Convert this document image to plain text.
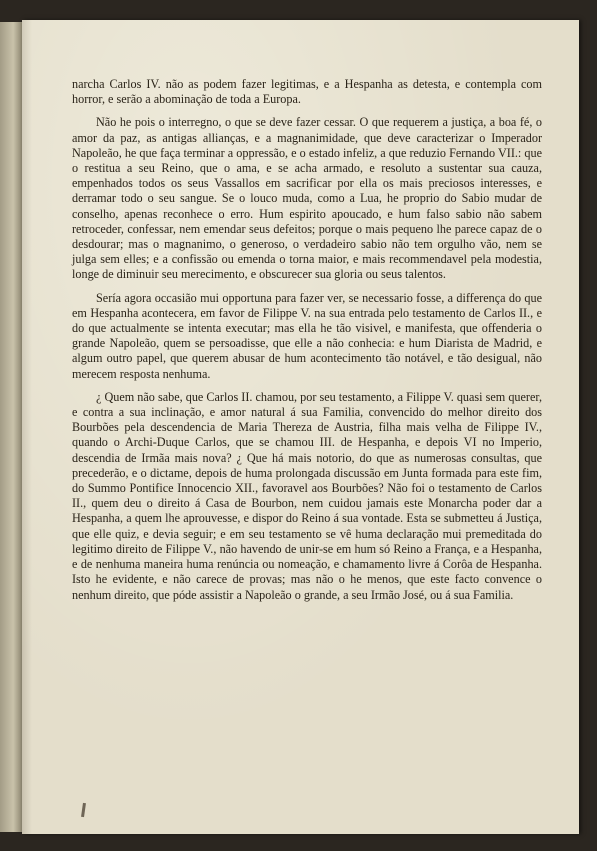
narcha Carlos IV. não as podem fazer legitimas, e a Hespanha as detesta, e contempla com horror, e serão a abominação de toda a Europa.

Não he pois o interregno, o que se deve fazer cessar. O que requerem a justiça, a boa fé, o amor da paz, as antigas allianças, e a magnanimidade, que deve caracterizar o Imperador Napoleão, he que faça terminar a oppressão, e o estado infeliz, a que reduzio Fernando VII.: que o restitua a seu Reino, que o ama, e se acha armado, e resoluto a sustentar sua cauza, empenhados todos os seus Vassallos em sacrificar por ella os mais preciosos interesses, e derramar todo o seu sangue. Se o louco muda, como a Lua, he proprio do Sabio mudar de conselho, apenas reconhece o erro. Hum espirito apoucado, e hum falso sabio não sabem retroceder, confessar, nem emendar seus defeitos; porque o mais pequeno lhe parece capaz de o desdourar; mas o magnanimo, o generoso, o verdadeiro sabio não tem orgulho vão, nem se julga sem elles; e a confissão ou emenda o torna maior, e mais recommendavel pela modestia, longe de diminuir seu merecimento, e obscurecer sua gloria ou seus talentos.

Sería agora occasião mui opportuna para fazer ver, se necessario fosse, a differença do que em Hespanha acontecera, em favor de Filippe V. na sua entrada pelo testamento de Carlos II., e do que actualmente se intenta executar; mas ella he tão visivel, e manifesta, que offenderia o grande Napoleão, quem se persoadisse, que elle a não conhecia: e hum Diarista de Madrid, e algum outro papel, que querem abusar de hum acontecimento tão notável, e tão desigual, não merecem resposta nenhuma.

¿ Quem não sabe, que Carlos II. chamou, por seu testamento, a Filippe V. quasi sem querer, e contra a sua inclinação, e amor natural á sua Familia, convencido do melhor direito dos Bourbões pela descendencia de Maria Thereza de Austria, filha mais velha de Filippe IV., quando o Archi-Duque Carlos, que se chamou III. de Hespanha, e depois VI no Imperio, descendia de Irmãa mais nova? ¿ Que há mais notorio, do que as numerosas consultas, que precederão, e o dictame, depois de huma prolongada discussão em Junta formada para este fim, do Summo Pontifice Innocencio XII., favoravel aos Bourbões? Não foi o testamento de Carlos II., quem deu o direito á Casa de Bourbon, nem cuidou jamais este Monarcha poder dar a Hespanha, a quem lhe aprouvesse, e dispor do Reino á sua vontade. Esta se submetteu á Justiça, que elle quiz, e devia seguir; e em seu testamento se vê huma declaração mui premeditada do legitimo direito de Filippe V., não havendo de unir-se em hum só Reino a França, e a Hespanha, e de nenhuma maneira huma renúncia ou nomeação, e chamamento livre á Corôa de Hespanha. Isto he evidente, e não carece de provas; mas não o he menos, que este facto convence o nenhum direito, que póde assistir a Napoleão o grande, a seu Irmão José, ou á sua Familia.
